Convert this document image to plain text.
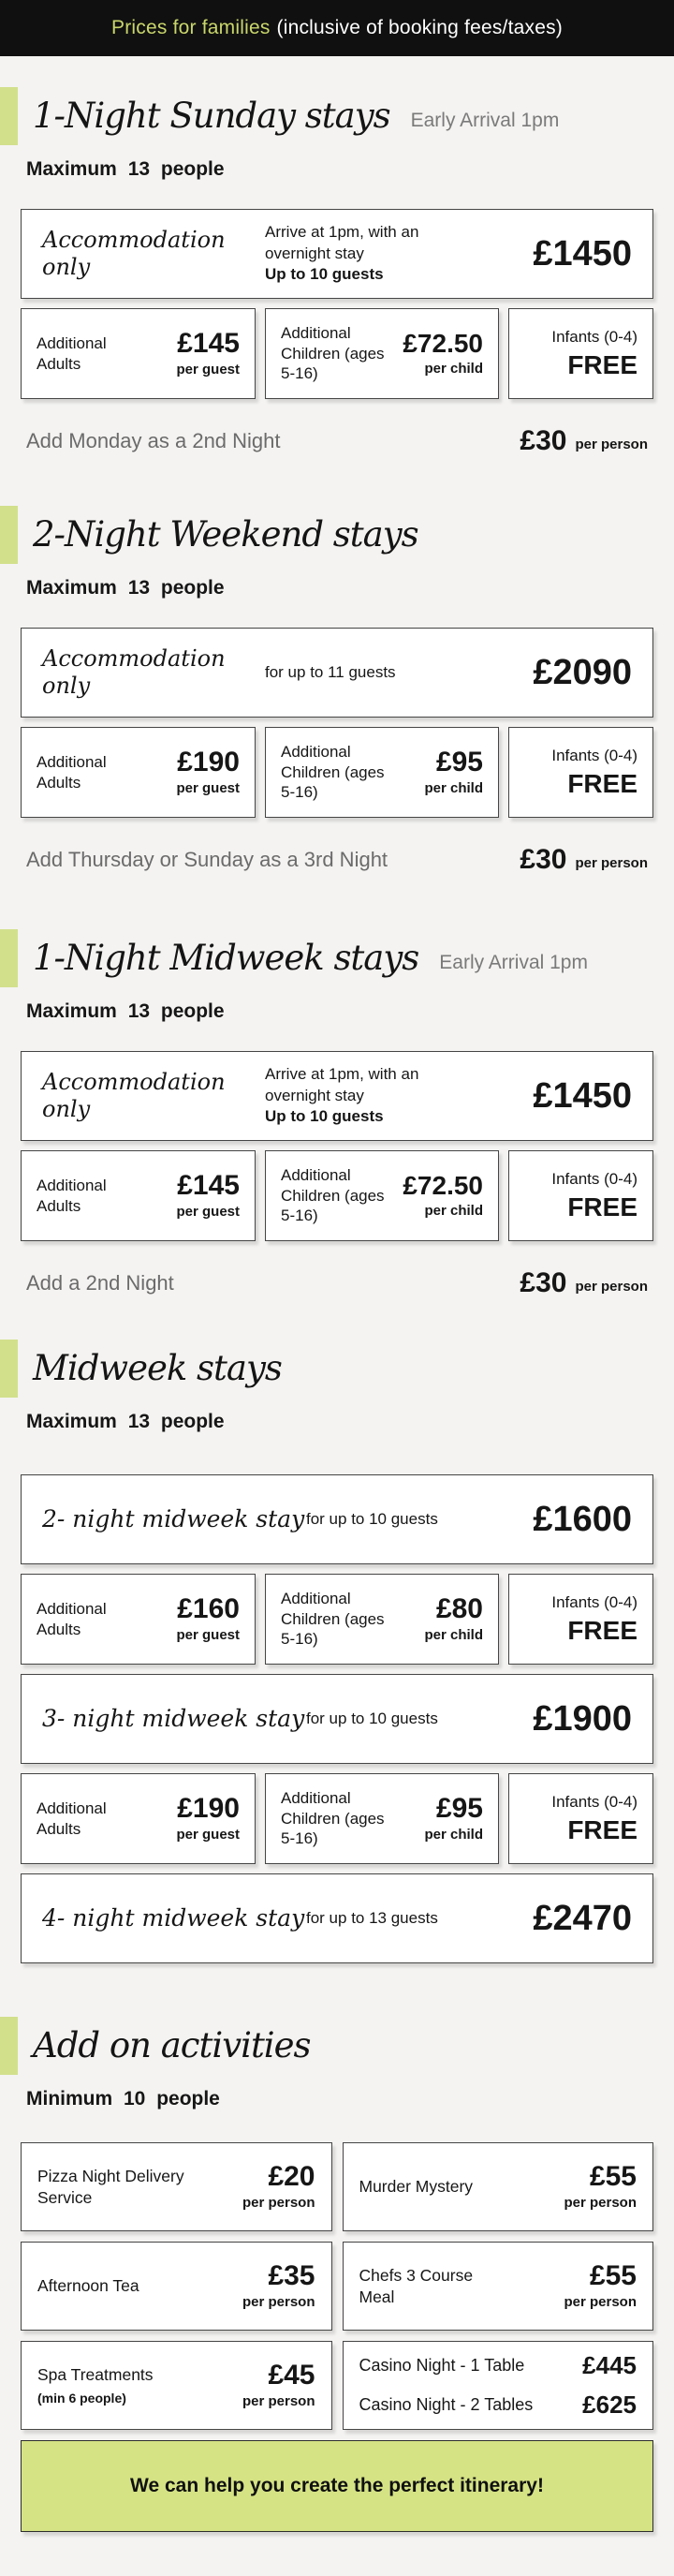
Prices for families (inclusive of booking fees/taxes)
1-Night Sunday stays Early Arrival 1pm
Maximum 13 people
Accommodation only
Arrive at 1pm, with an overnight stay
Up to 10 guests
£1450
Additional Adults
£145
per guest
Additional Children (ages 5-16)
£72.50
per child
Infants (0-4)
FREE
Add Monday as a 2nd Night	£30 per person
2-Night Weekend stays
Maximum 13 people
Accommodation only
for up to 11 guests	£2090
Additional Adults
£190
per guest
Additional Children (ages 5-16)
£95
per child
Infants (0-4)
FREE
Add Thursday or Sunday as a 3rd Night	£30 per person
1-Night Midweek stays Early Arrival 1pm
Maximum 13 people
Accommodation only
Arrive at 1pm, with an overnight stay
Up to 10 guests
£1450
Additional Adults
£145
per guest
Additional Children (ages 5-16)
£72.50
per child
Infants (0-4)
FREE
Add a 2nd Night	£30 per person
Midweek stays
Maximum 13 people
2- night midweek stay for up to 10 guests	£1600
Additional Adults
£160
per guest
Additional Children (ages 5-16)
£80
per child
Infants (0-4)
FREE
3- night midweek stay for up to 10 guests	£1900
Additional Adults
£190
per guest
Additional Children (ages 5-16)
£95
per child
Infants (0-4)
FREE
4- night midweek stay for up to 13 guests	£2470
Add on activities
Minimum 10 people
Pizza Night Delivery Service
£20
per person
Murder Mystery	£55
per person
Afternoon Tea	£35
per person
Chefs 3 Course Meal
£55
per person
Spa Treatments
(min 6 people)
£45
per person
Casino Night - 1 Table £445
Casino Night - 2 Tables £625
We can help you create the perfect itinerary!
